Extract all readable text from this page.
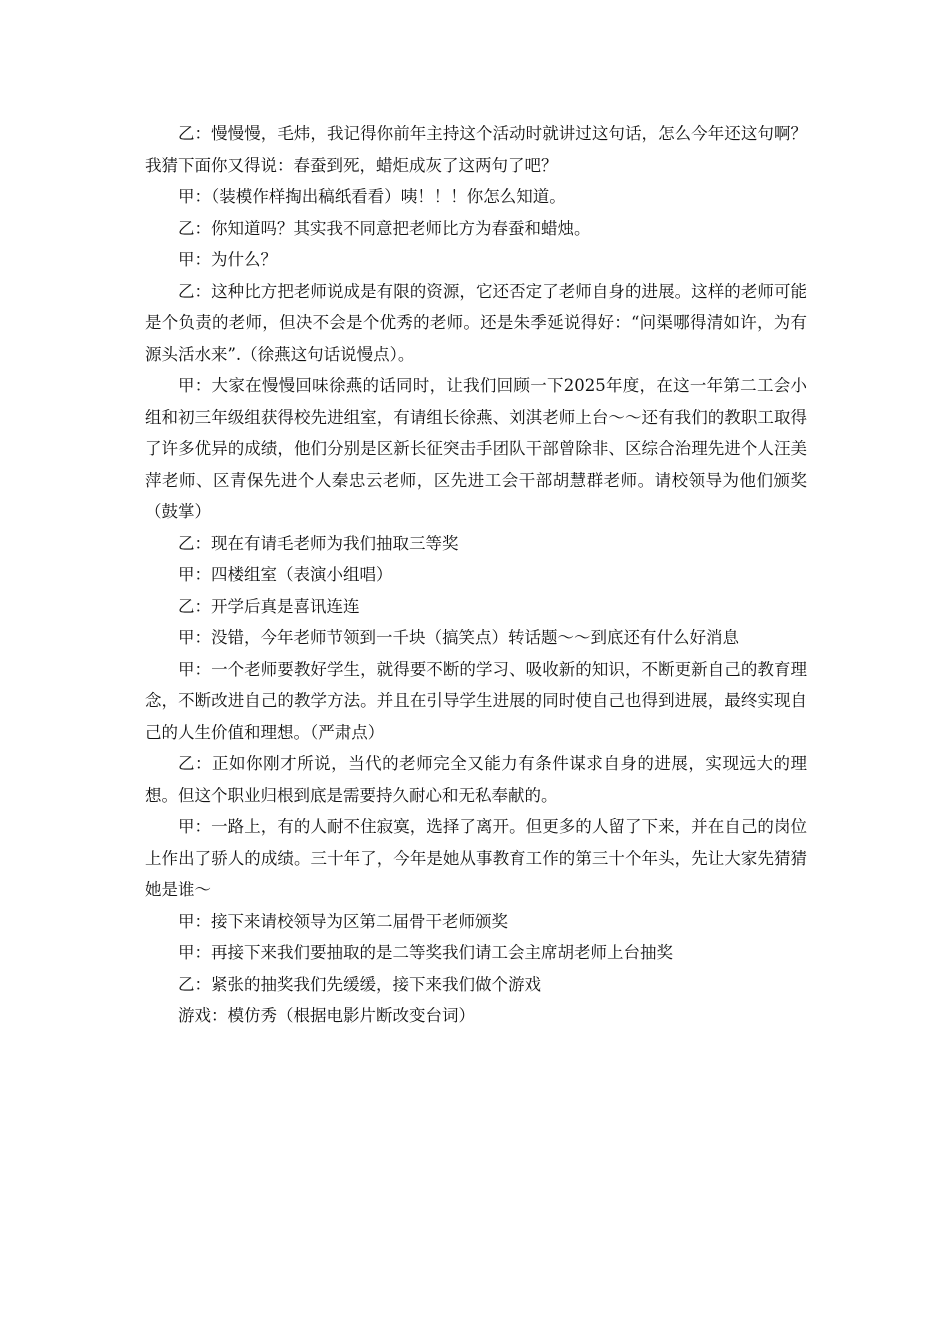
乙：慢慢慢，毛炜，我记得你前年主持这个活动时就讲过这句话，怎么今年还这句啊？我猜下面你又得说：春蚕到死，蜡炬成灰了这两句了吧？

甲：（装模作样掏出稿纸看看）咦！！！你怎么知道。

乙：你知道吗？其实我不同意把老师比方为春蚕和蜡烛。

甲：为什么？

乙：这种比方把老师说成是有限的资源，它还否定了老师自身的进展。这样的老师可能是个负责的老师，但决不会是个优秀的老师。还是朱季延说得好：“问渠哪得清如许，为有源头活水来”.（徐燕这句话说慢点）。

甲：大家在慢慢回味徐燕的话同时，让我们回顾一下2025年度，在这一年第二工会小组和初三年级组获得校先进组室，有请组长徐燕、刘淇老师上台～～还有我们的教职工取得了许多优异的成绩，他们分别是区新长征突击手团队干部曾除非、区综合治理先进个人汪美萍老师、区青保先进个人秦忠云老师，区先进工会干部胡慧群老师。请校领导为他们颁奖（鼓掌）

乙：现在有请毛老师为我们抽取三等奖

甲：四楼组室（表演小组唱）

乙：开学后真是喜讯连连

甲：没错，今年老师节领到一千块（搞笑点）转话题～～到底还有什么好消息

甲：一个老师要教好学生，就得要不断的学习、吸收新的知识，不断更新自己的教育理念，不断改进自己的教学方法。并且在引导学生进展的同时使自己也得到进展，最终实现自己的人生价值和理想。（严肃点）

乙：正如你刚才所说，当代的老师完全又能力有条件谋求自身的进展，实现远大的理想。但这个职业归根到底是需要持久耐心和无私奉献的。

甲：一路上，有的人耐不住寂寞，选择了离开。但更多的人留了下来，并在自己的岗位上作出了骄人的成绩。三十年了，今年是她从事教育工作的第三十个年头，先让大家先猜猜她是谁～

甲：接下来请校领导为区第二届骨干老师颁奖

甲：再接下来我们要抽取的是二等奖我们请工会主席胡老师上台抽奖

乙：紧张的抽奖我们先缓缓，接下来我们做个游戏

游戏：模仿秀（根据电影片断改变台词）
